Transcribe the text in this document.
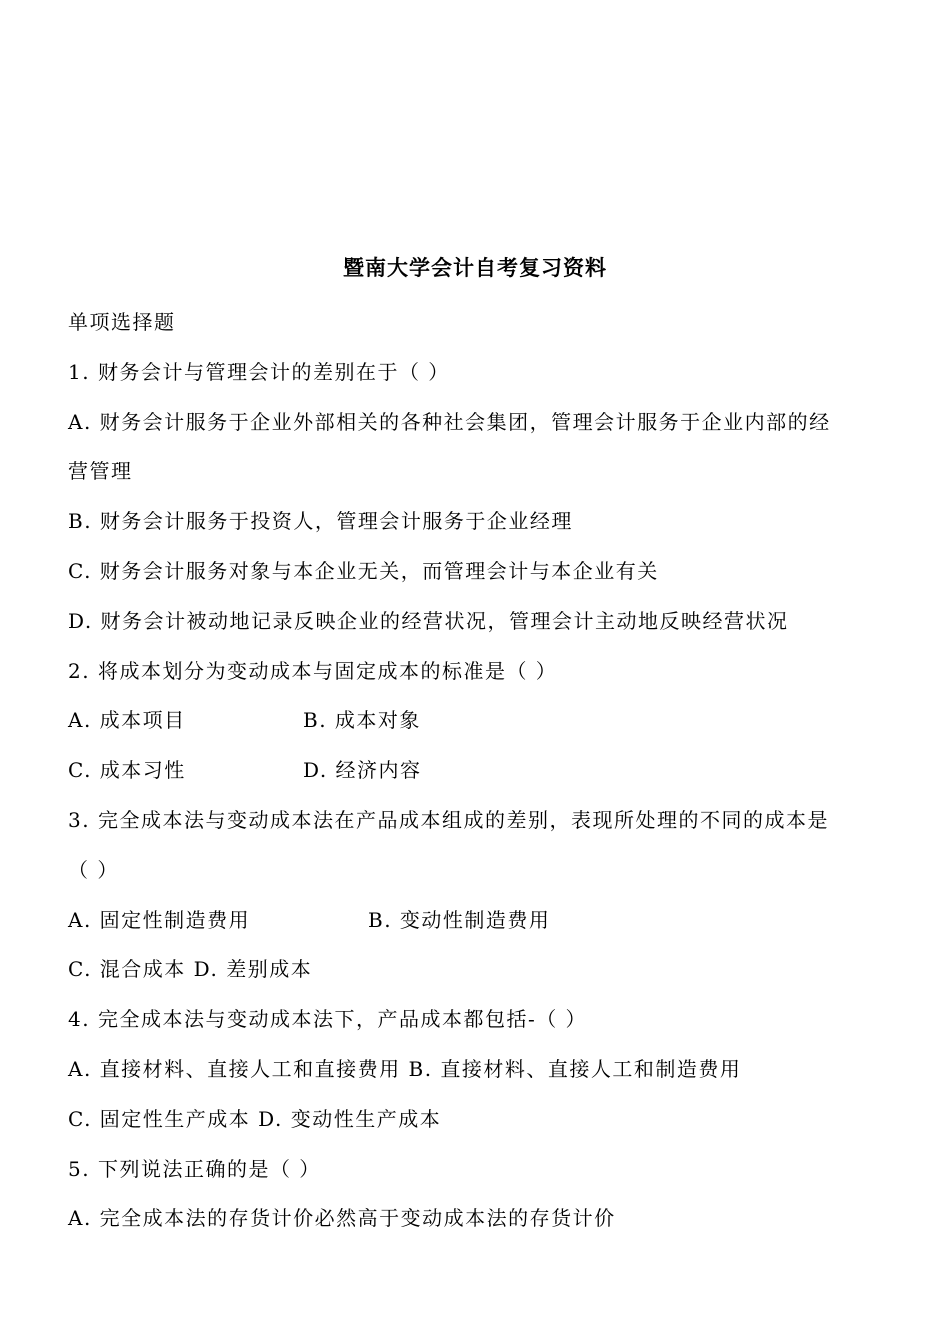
暨南大学会计自考复习资料
单项选择题
1. 财务会计与管理会计的差别在于（ ）
A. 财务会计服务于企业外部相关的各种社会集团，管理会计服务于企业内部的经
营管理
B. 财务会计服务于投资人，管理会计服务于企业经理
C. 财务会计服务对象与本企业无关，而管理会计与本企业有关
D. 财务会计被动地记录反映企业的经营状况，管理会计主动地反映经营状况
2. 将成本划分为变动成本与固定成本的标准是（ ）
A. 成本项目	B. 成本对象
C. 成本习性	D. 经济内容
3. 完全成本法与变动成本法在产品成本组成的差别，表现所处理的不同的成本是
（ ）
A. 固定性制造费用	B. 变动性制造费用
C. 混合成本 D. 差别成本
4. 完全成本法与变动成本法下，产品成本都包括-（ ）
A. 直接材料、直接人工和直接费用 B. 直接材料、直接人工和制造费用
C. 固定性生产成本 D. 变动性生产成本
5. 下列说法正确的是（ ）
A. 完全成本法的存货计价必然高于变动成本法的存货计价
